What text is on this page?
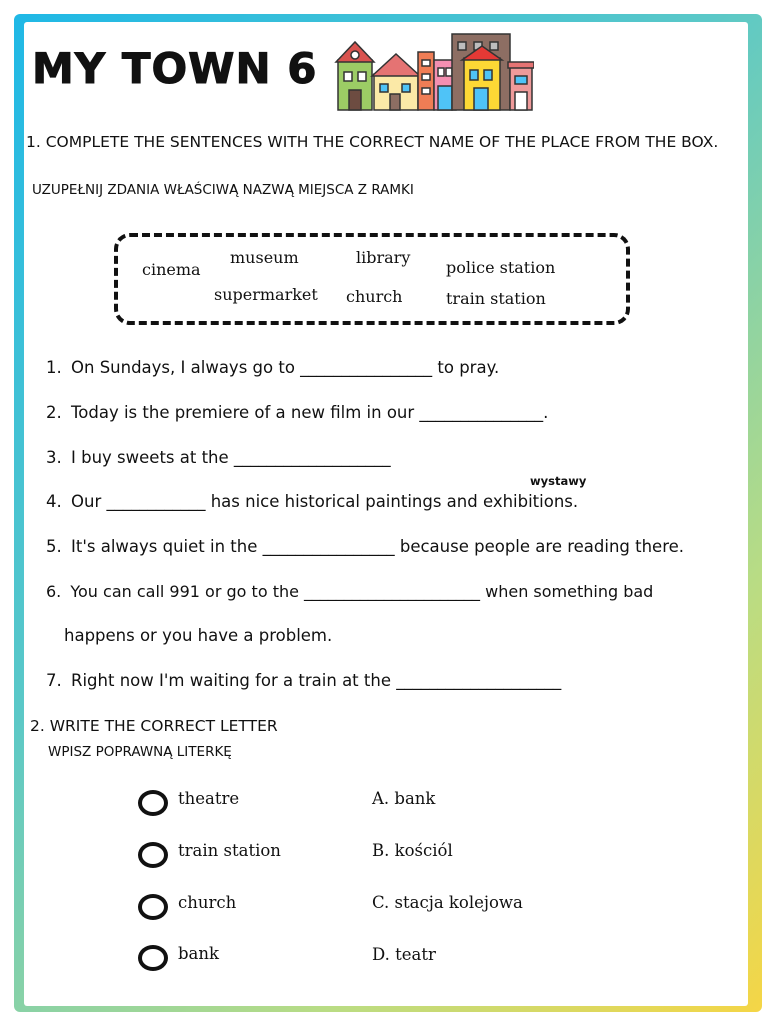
MY TOWN 6
1. COMPLETE THE SENTENCES WITH THE CORRECT NAME OF THE PLACE FROM THE BOX.
UZUPEŁNIJ ZDANIA WŁAŚCIWĄ NAZWĄ MIEJSCA Z RAMKI
cinema
museum	library
police station
supermarket church	train station
1. On Sundays, I always go to ________________ to pray.
2. Today is the premiere of a new film in our _______________.
3. I buy sweets at the ___________________
wystawy
4. Our ____________ has nice historical paintings and exhibitions.
5. It's always quiet in the ________________ because people are reading there.
6. You can call 991 or go to the ______________________ when something bad
happens or you have a problem.
7. Right now I'm waiting for a train at the ____________________
2. WRITE THE CORRECT LETTER
WPISZ POPRAWNĄ LITERKĘ
theatre	A. bank
train station	B. kościól
church	C. stacja kolejowa
bank	D. teatr
